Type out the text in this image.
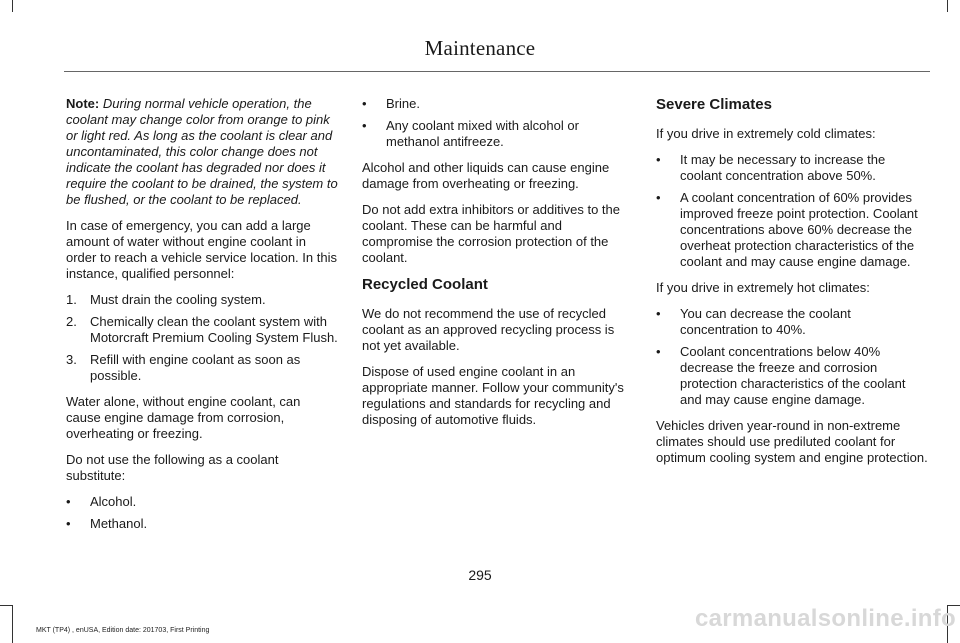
Maintenance

Note: During normal vehicle operation, the coolant may change color from orange to pink or light red. As long as the coolant is clear and uncontaminated, this color change does not indicate the coolant has degraded nor does it require the coolant to be drained, the system to be flushed, or the coolant to be replaced.

In case of emergency, you can add a large amount of water without engine coolant in order to reach a vehicle service location. In this instance, qualified personnel:

1. Must drain the cooling system.
2. Chemically clean the coolant system with Motorcraft Premium Cooling System Flush.
3. Refill with engine coolant as soon as possible.

Water alone, without engine coolant, can cause engine damage from corrosion, overheating or freezing.

Do not use the following as a coolant substitute:

• Alcohol.
• Methanol.
• Brine.
• Any coolant mixed with alcohol or methanol antifreeze.

Alcohol and other liquids can cause engine damage from overheating or freezing.

Do not add extra inhibitors or additives to the coolant. These can be harmful and compromise the corrosion protection of the coolant.

Recycled Coolant

We do not recommend the use of recycled coolant as an approved recycling process is not yet available.

Dispose of used engine coolant in an appropriate manner. Follow your community's regulations and standards for recycling and disposing of automotive fluids.

Severe Climates

If you drive in extremely cold climates:

• It may be necessary to increase the coolant concentration above 50%.
• A coolant concentration of 60% provides improved freeze point protection. Coolant concentrations above 60% decrease the overheat protection characteristics of the coolant and may cause engine damage.

If you drive in extremely hot climates:

• You can decrease the coolant concentration to 40%.
• Coolant concentrations below 40% decrease the freeze and corrosion protection characteristics of the coolant and may cause engine damage.

Vehicles driven year-round in non-extreme climates should use prediluted coolant for optimum cooling system and engine protection.

295
MKT (TP4) , enUSA, Edition date: 201703, First Printing	carmanualsonline.info
